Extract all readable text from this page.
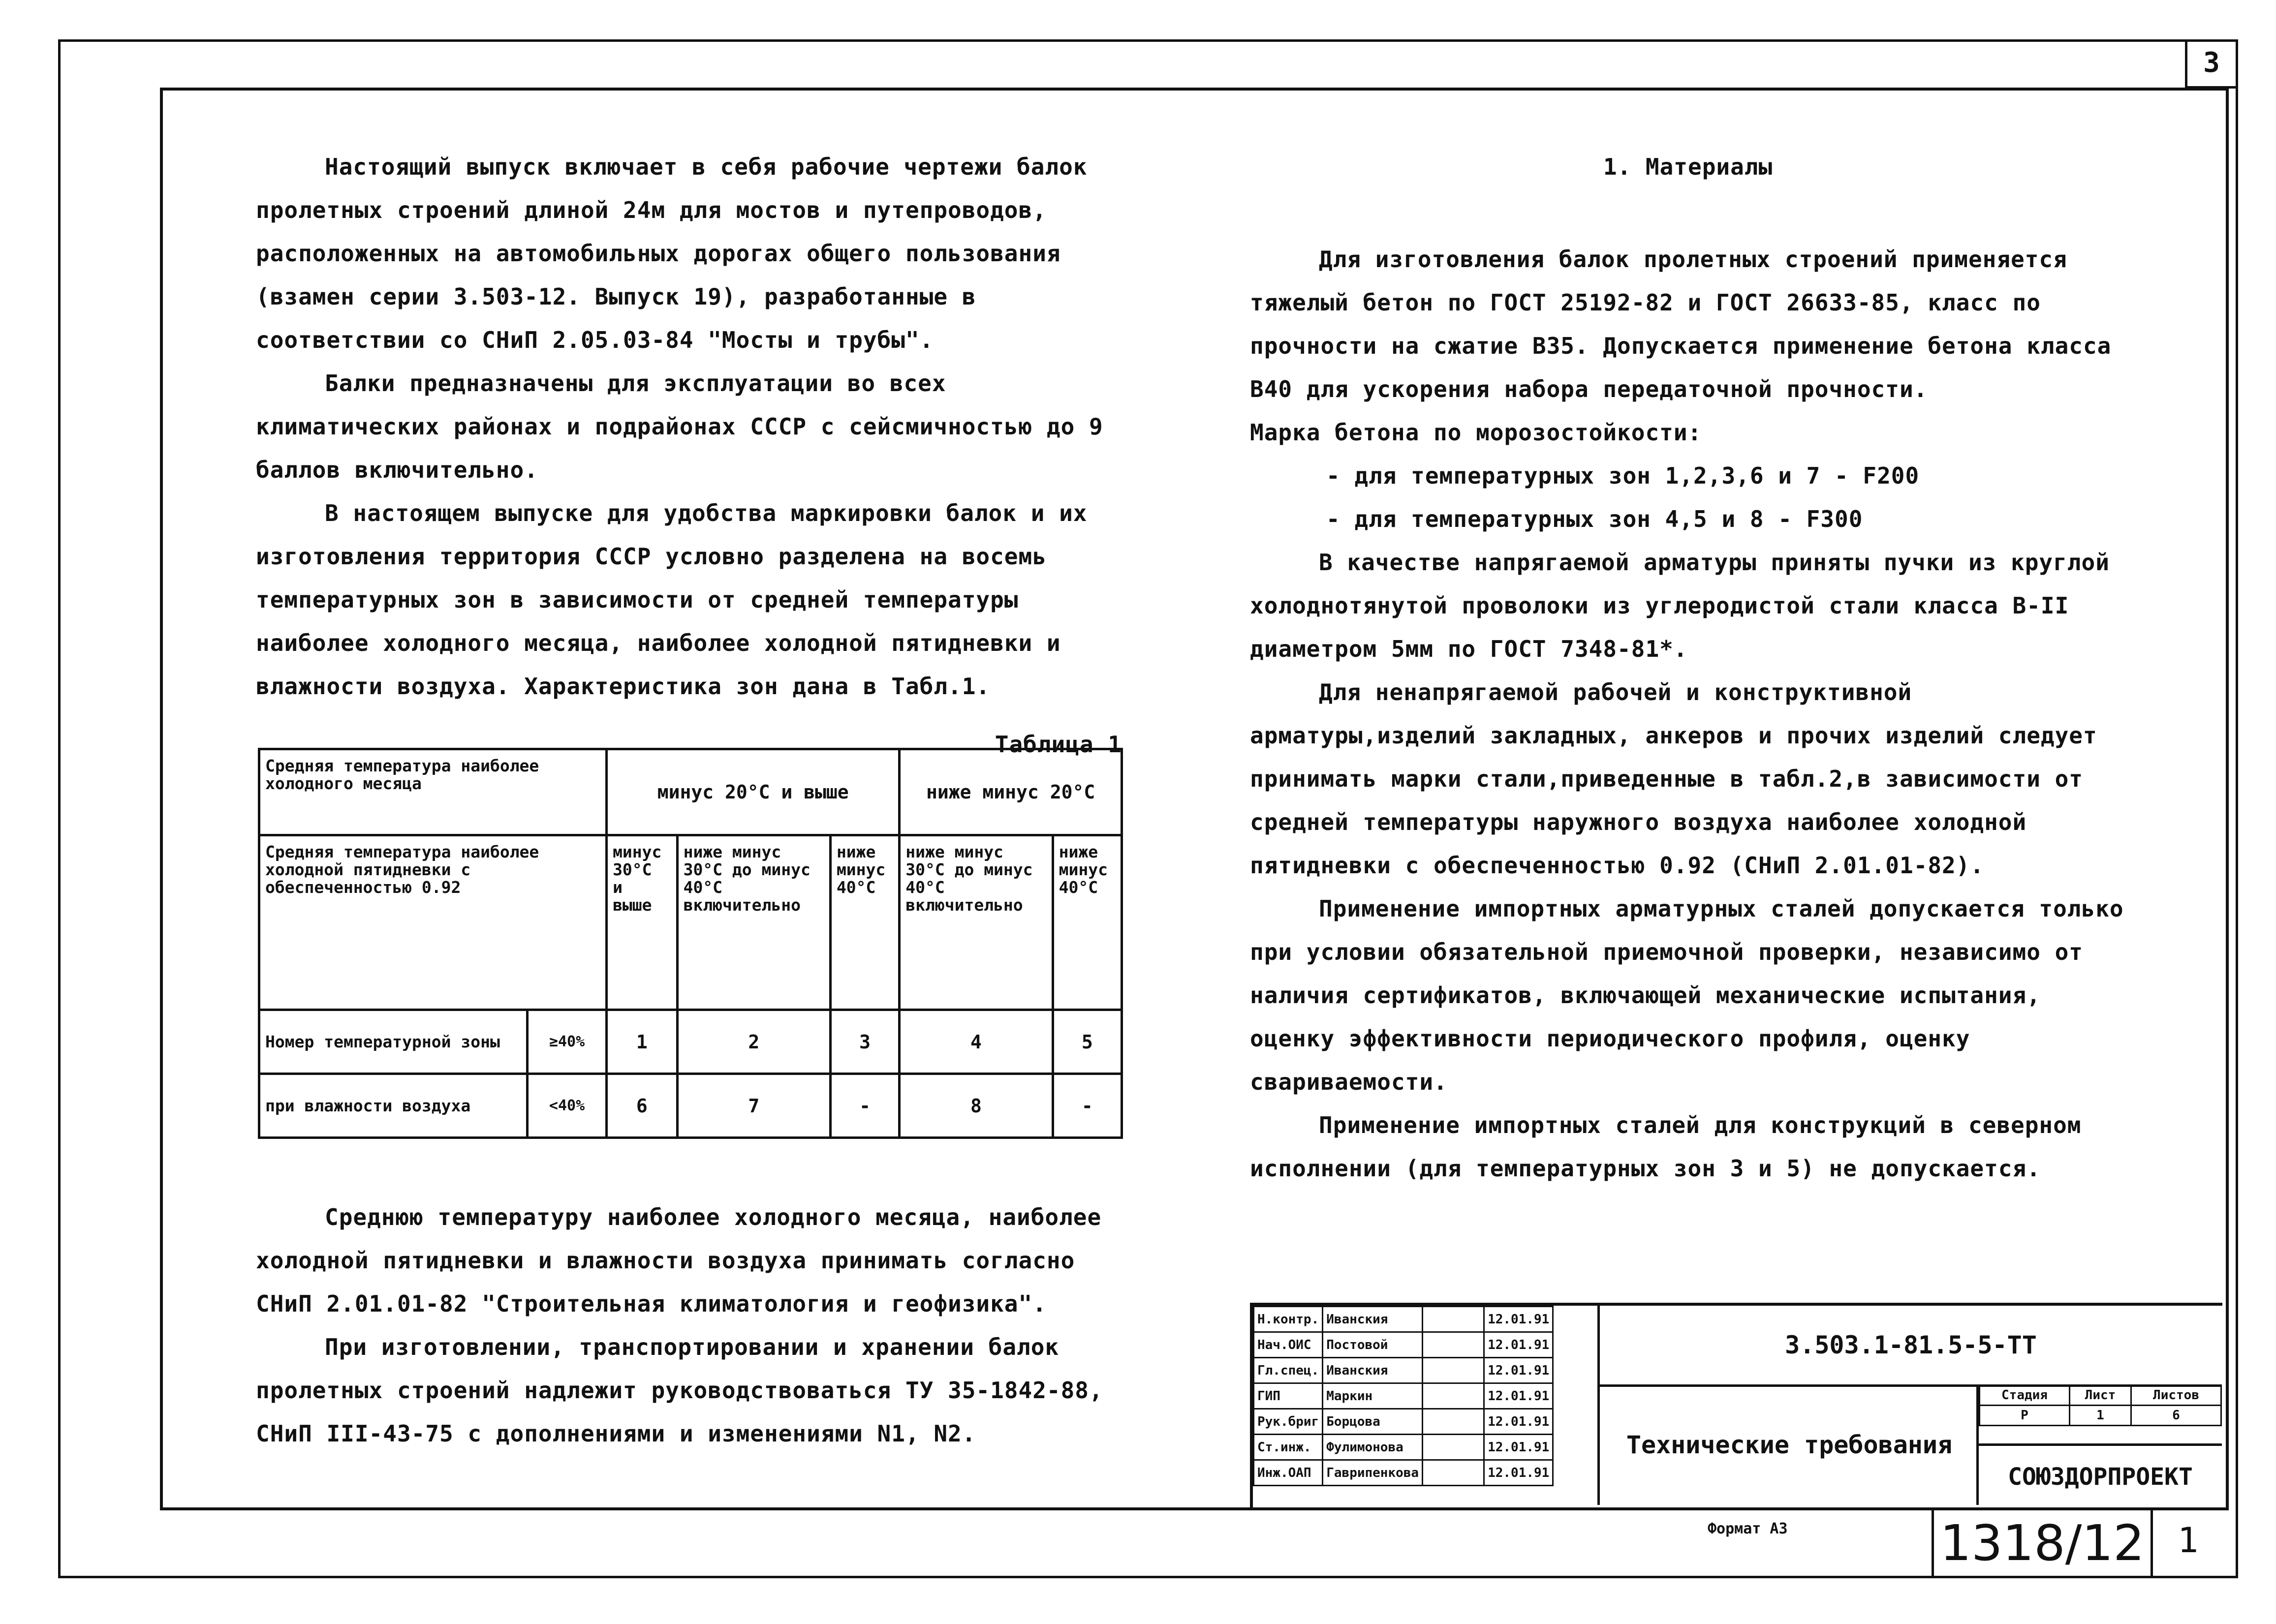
3

Настоящий выпуск включает в себя рабочие чертежи балок пролетных строений длиной 24м для мостов и путепроводов, расположенных на автомобильных дорогах общего пользования (взамен серии 3.503-12. Выпуск 19), разработанные в соответствии со СНиП 2.05.03-84 "Мосты и трубы".

Балки предназначены для эксплуатации во всех климатических районах и подрайонах СССР с сейсмичностью до 9 баллов включительно.

В настоящем выпуске для удобства маркировки балок и их изготовления территория СССР условно разделена на восемь температурных зон в зависимости от средней температуры наиболее холодного месяца, наиболее холодной пятидневки и влажности воздуха. Характеристика зон дана в Табл.1.

Таблица 1

Средняя температура наиболее холодного месяца		минус 20°С и выше			ниже минус 20°С	
Средняя температура наиболее холодной пятидневки с обеспеченностью 0.92		минус 30°С и выше	ниже минус 30°С до минус 40°С включительно	ниже минус 40°С	ниже минус 30°С до минус 40°С включительно	ниже минус 40°С
Номер температурной зоны	≥40%	1	2	3	4	5
при влажности воздуха	<40%	6	7	-	8	-

Среднюю температуру наиболее холодного месяца, наиболее холодной пятидневки и влажности воздуха принимать согласно СНиП 2.01.01-82 "Строительная климатология и геофизика".

При изготовлении, транспортировании и хранении балок пролетных строений надлежит руководствоваться ТУ 35-1842-88, СНиП III-43-75 с дополнениями и изменениями N1, N2.

1. Материалы

Для изготовления балок пролетных строений применяется тяжелый бетон по ГОСТ 25192-82 и ГОСТ 26633-85, класс по прочности на сжатие В35. Допускается применение бетона класса В40 для ускорения набора передаточной прочности.

Марка бетона по морозостойкости:

- для температурных зон 1,2,3,6 и 7 - F200

- для температурных зон 4,5 и 8 - F300

В качестве напрягаемой арматуры приняты пучки из круглой холоднотянутой проволоки из углеродистой стали класса В-II диаметром 5мм по ГОСТ 7348-81*.

Для ненапрягаемой рабочей и конструктивной арматуры,изделий закладных, анкеров и прочих изделий следует принимать марки стали,приведенные в табл.2,в зависимости от средней температуры наружного воздуха наиболее холодной пятидневки с обеспеченностью 0.92 (СНиП 2.01.01-82).

Применение импортных арматурных сталей допускается только при условии обязательной приемочной проверки, независимо от наличия сертификатов, включающей механические испытания, оценку эффективности периодического профиля, оценку свариваемости.

Применение импортных сталей для конструкций в северном исполнении (для температурных зон 3 и 5) не допускается.

Н.контр.	Иванския		12.01.91
Нач.ОИС	Постовой		12.01.91
Гл.спец.	Иванския		12.01.91
ГИП	Маркин		12.01.91
Рук.бриг	Борцова		12.01.91
Ст.инж.	Фулимонова		12.01.91
Инж.ОАП	Гаврипенкова		12.01.91
3.503.1-81.5-5-ТТ
Технические требования
Стадия	Лист	Листов
Р	1	6
СОЮЗДОРПРОЕКТ
Формат А3	1318/12 1
